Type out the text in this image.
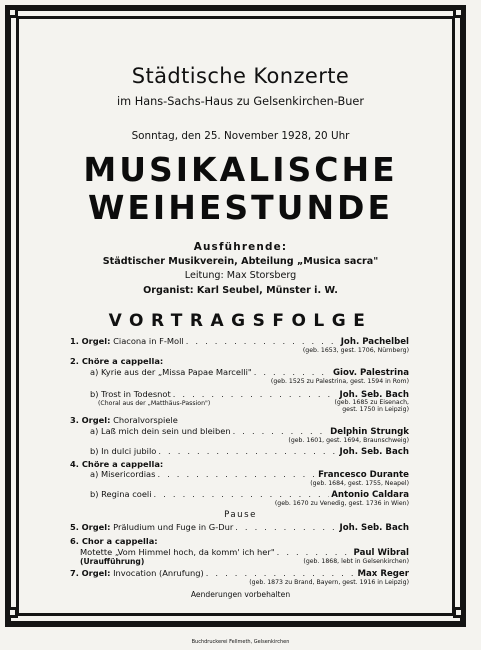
Städtische Konzerte
im Hans-Sachs-Haus zu Gelsenkirchen-Buer
Sonntag, den 25. November 1928, 20 Uhr
MUSIKALISCHE
WEIHESTUNDE
Ausführende:
Städtischer Musikverein, Abteilung „Musica sacra"
Leitung: Max Storsberg
Organist: Karl Seubel, Münster i. W.
VORTRAGSFOLGE
1. Orgel: Ciacona in F-Moll . . .	Joh. Pachelbel
(geb. 1653, gest. 1706, Nürnberg)
2. Chöre a cappella:
a) Kyrie aus der „Missa Papae Marcelli" . . .	Giov. Palestrina
(geb. 1525 zu Palestrina, gest. 1594 in Rom)
b) Trost in Todesnot . . .	Joh. Seb. Bach
(Choral aus der „Matthäus-Passion")	(geb. 1685 zu Eisenach,
gest. 1750 in Leipzig)
3. Orgel: Choralvorspiele
a) Laß mich dein sein und bleiben . . .	Delphin Strungk
(geb. 1601, gest. 1694, Braunschweig)
b) In dulci jubilo . . .	Joh. Seb. Bach
4. Chöre a cappella:
a) Misericordias . . .	Francesco Durante
(geb. 1684, gest. 1755, Neapel)
b) Regina coeli . . .	Antonio Caldara
(geb. 1670 zu Venedig, gest. 1736 in Wien)
Pause
5. Orgel: Präludium und Fuge in G-Dur . . .	Joh. Seb. Bach
6. Chor a cappella:
Motette „Vom Himmel hoch, da komm' ich her" . . .	Paul Wibral
(Uraufführung)	(geb. 1868, lebt in Gelsenkirchen)
7. Orgel: Invocation (Anrufung) . . .	Max Reger
(geb. 1873 zu Brand, Bayern, gest. 1916 in Leipzig)
Aenderungen vorbehalten
Buchdruckerei Fellmeth, Gelsenkirchen
